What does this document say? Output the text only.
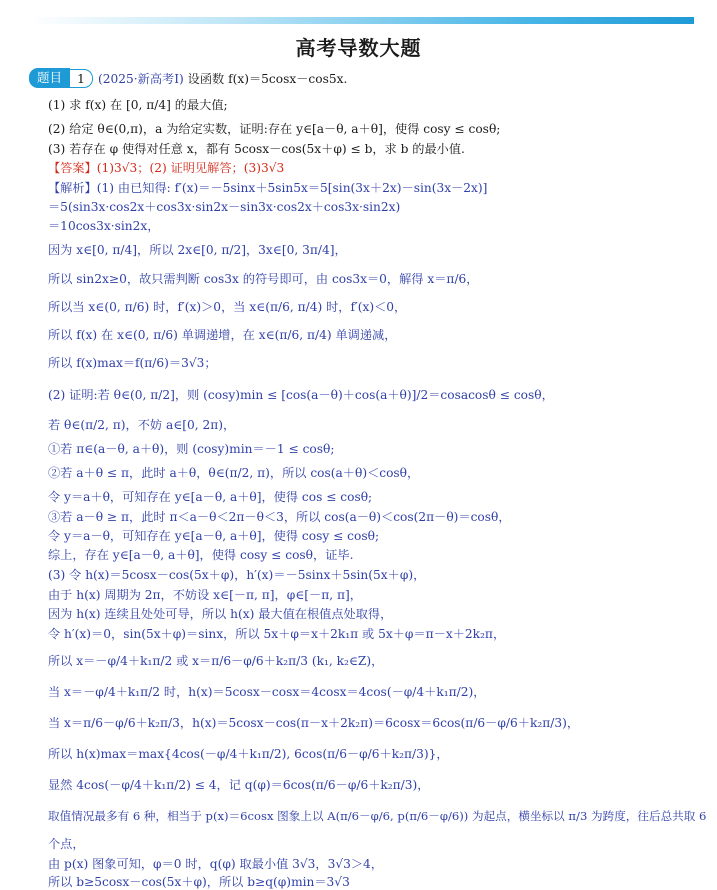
高考导数大题
题目	1	(2025·新高考Ⅰ) 设函数 f(x)＝5cosx－cos5x.
(1) 求 f(x) 在 [0, π/4] 的最大值;
(2) 给定 θ∈(0,π)，a 为给定实数，证明:存在 y∈[a－θ, a＋θ]，使得 cosy ≤ cosθ;
(3) 若存在 φ 使得对任意 x，都有 5cosx－cos(5x＋φ) ≤ b，求 b 的最小值.
【答案】(1)3√3；(2) 证明见解答；(3)3√3
【解析】(1) 由已知得: f′(x)＝－5sinx＋5sin5x＝5[sin(3x＋2x)－sin(3x－2x)]
＝5(sin3x·cos2x＋cos3x·sin2x－sin3x·cos2x＋cos3x·sin2x)
＝10cos3x·sin2x，
因为 x∈[0, π/4]，所以 2x∈[0, π/2]，3x∈[0, 3π/4]，
所以 sin2x≥0，故只需判断 cos3x 的符号即可，由 cos3x＝0，解得 x＝π/6，
所以当 x∈(0, π/6) 时，f′(x)＞0，当 x∈(π/6, π/4) 时，f′(x)＜0，
所以 f(x) 在 x∈(0, π/6) 单调递增，在 x∈(π/6, π/4) 单调递减，
所以 f(x)max＝f(π/6)＝3√3；
(2) 证明:若 θ∈(0, π/2]，则 (cosy)min ≤ [cos(a－θ)＋cos(a＋θ)]/2＝cosacosθ ≤ cosθ，
若 θ∈(π/2, π)，不妨 a∈[0, 2π)，
①若 π∈(a－θ, a＋θ)，则 (cosy)min＝－1 ≤ cosθ;
②若 a＋θ ≤ π，此时 a＋θ，θ∈(π/2, π)，所以 cos(a＋θ)＜cosθ，
令 y＝a＋θ，可知存在 y∈[a－θ, a＋θ]，使得 cos ≤ cosθ;
③若 a－θ ≥ π，此时 π＜a－θ＜2π－θ＜3，所以 cos(a－θ)＜cos(2π－θ)＝cosθ，
令 y＝a－θ，可知存在 y∈[a－θ, a＋θ]，使得 cosy ≤ cosθ;
综上，存在 y∈[a－θ, a＋θ]，使得 cosy ≤ cosθ，证毕.
(3) 令 h(x)＝5cosx－cos(5x＋φ)，h′(x)＝－5sinx＋5sin(5x＋φ)，
由于 h(x) 周期为 2π，不妨设 x∈[－π, π]，φ∈[－π, π]，
因为 h(x) 连续且处处可导，所以 h(x) 最大值在根值点处取得，
令 h′(x)＝0，sin(5x＋φ)＝sinx，所以 5x＋φ＝x＋2k₁π 或 5x＋φ＝π－x＋2k₂π，
所以 x＝－φ/4＋k₁π/2 或 x＝π/6－φ/6＋k₂π/3 (k₁, k₂∈Z)，
当 x＝－φ/4＋k₁π/2 时，h(x)＝5cosx－cosx＝4cosx＝4cos(－φ/4＋k₁π/2)，
当 x＝π/6－φ/6＋k₂π/3，h(x)＝5cosx－cos(π－x＋2k₂π)＝6cosx＝6cos(π/6－φ/6＋k₂π/3)，
所以 h(x)max＝max{4cos(－φ/4＋k₁π/2), 6cos(π/6－φ/6＋k₂π/3)}，
显然 4cos(－φ/4＋k₁π/2) ≤ 4，记 q(φ)＝6cos(π/6－φ/6＋k₂π/3)，
取值情况最多有 6 种，相当于 p(x)＝6cosx 图象上以 A(π/6－φ/6, p(π/6－φ/6)) 为起点，横坐标以 π/3 为跨度，往后总共取 6
个点，
由 p(x) 图象可知，φ＝0 时，q(φ) 取最小值 3√3，3√3＞4，
所以 b≥5cosx－cos(5x＋φ)，所以 b≥q(φ)min＝3√3
